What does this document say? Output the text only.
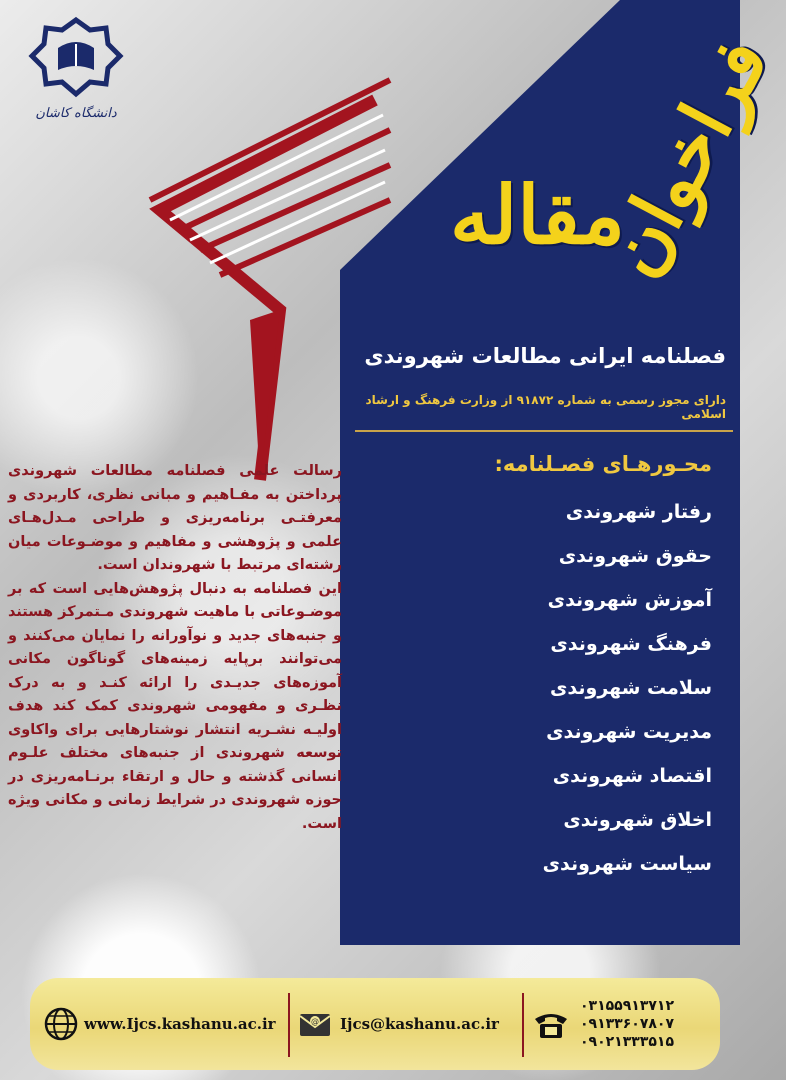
دانشگاه کاشان	فراخوان
مقاله
فصلنامه ایرانی مطالعات شهروندی
دارای مجوز رسمی به شماره ۹۱۸۷۲ از وزارت فرهنگ و ارشاد اسلامی
محـورهـای فصـلنامه:
رفتار شهروندی
حقوق شهروندی
آموزش شهروندی
فرهنگ شهروندی
سلامت شهروندی
مدیریت شهروندی
اقتصاد شهروندی
اخلاق شهروندی
سیاست شهروندی

رسالت علمی فصلنامه مطالعات شهروندی پرداختن به مفـاهیم و مبانی نظری، کاربردی و معرفتـی برنامه‌ریزی و طراحی مـدل‌هـای علمی و پژوهشی و مفاهیم و موضـوعات میان رشته‌ای مرتبط با شهروندان است.

این فصلنامه به دنبال پژوهش‌هایی است که بر موضـوعاتی با ماهیت شهروندی مـتمرکز هستند و جنبه‌های جدید و نوآورانه را نمایان می‌کنند و می‌توانند برپایه زمینه‌های گوناگون مکانی آموزه‌های جدیـدی را ارائه کنـد و به درک نظـری و مفهومی شهروندی کمک کند هدف اولیـه نشـریه انتشار نوشتارهایی برای واکاوی توسعه شهروندی از جنبه‌های مختلف علـوم انسانی گذشته و حال و ارتقاء برنـامه‌ریزی در حوزه شهروندی در شرایط زمانی و مکانی ویژه است.

www.Ijcs.kashanu.ac.ir	@ Ijcs@kashanu.ac.ir
۰۳۱۵۵۹۱۳۷۱۲
۰۹۱۳۳۶۰۷۸۰۷
۰۹۰۲۱۳۳۳۵۱۵
